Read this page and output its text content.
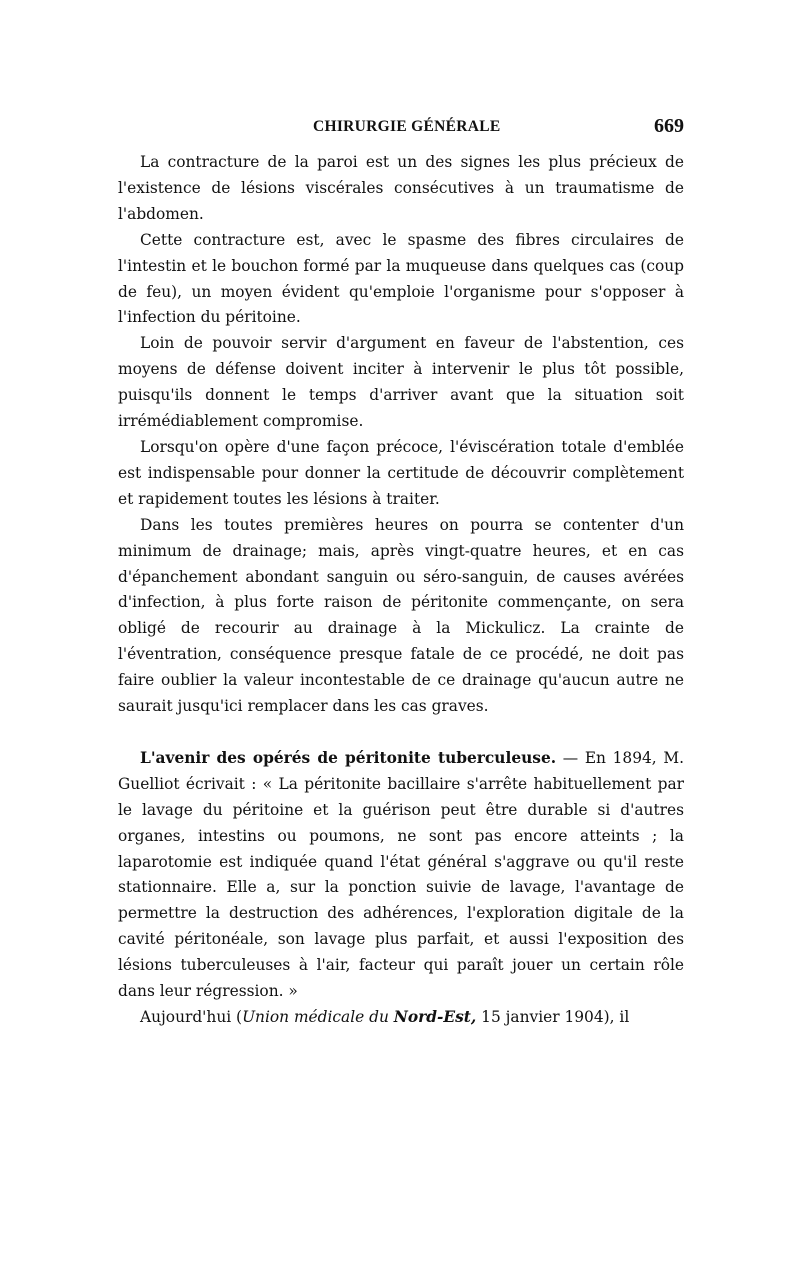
CHIRURGIE GÉNÉRALE	669

La contracture de la paroi est un des signes les plus précieux de l'existence de lésions viscérales consécutives à un traumatisme de l'abdomen.

Cette contracture est, avec le spasme des fibres circulaires de l'intestin et le bouchon formé par la muqueuse dans quelques cas (coup de feu), un moyen évident qu'emploie l'organisme pour s'opposer à l'infection du péritoine.

Loin de pouvoir servir d'argument en faveur de l'abstention, ces moyens de défense doivent inciter à intervenir le plus tôt possible, puisqu'ils donnent le temps d'arriver avant que la situation soit irrémédiablement compromise.

Lorsqu'on opère d'une façon précoce, l'éviscération totale d'emblée est indispensable pour donner la certitude de découvrir complètement et rapidement toutes les lésions à traiter.

Dans les toutes premières heures on pourra se contenter d'un minimum de drainage; mais, après vingt-quatre heures, et en cas d'épanchement abondant sanguin ou séro-sanguin, de causes avérées d'infection, à plus forte raison de péritonite commençante, on sera obligé de recourir au drainage à la Mickulicz. La crainte de l'éventration, conséquence presque fatale de ce procédé, ne doit pas faire oublier la valeur incontestable de ce drainage qu'aucun autre ne saurait jusqu'ici remplacer dans les cas graves.

L'avenir des opérés de péritonite tuberculeuse. — En 1894, M. Guelliot écrivait : « La péritonite bacillaire s'arrête habituellement par le lavage du péritoine et la guérison peut être durable si d'autres organes, intestins ou poumons, ne sont pas encore atteints ; la laparotomie est indiquée quand l'état général s'aggrave ou qu'il reste stationnaire. Elle a, sur la ponction suivie de lavage, l'avantage de permettre la destruction des adhérences, l'exploration digitale de la cavité péritonéale, son lavage plus parfait, et aussi l'exposition des lésions tuberculeuses à l'air, facteur qui paraît jouer un certain rôle dans leur régression. »

Aujourd'hui (Union médicale du Nord-Est, 15 janvier 1904), il
